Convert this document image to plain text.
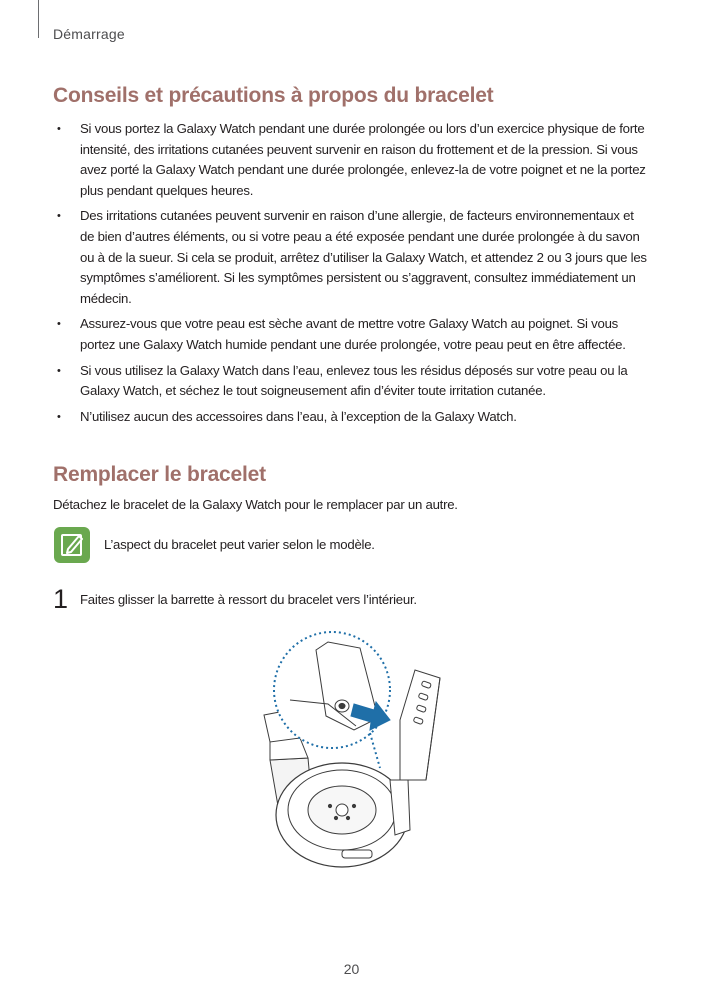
Démarrage
Conseils et précautions à propos du bracelet
• Si vous portez la Galaxy Watch pendant une durée prolongée ou lors d’un exercice physique de forte intensité, des irritations cutanées peuvent survenir en raison du frottement et de la pression. Si vous avez porté la Galaxy Watch pendant une durée prolongée, enlevez-la de votre poignet et ne la portez plus pendant quelques heures.
• Des irritations cutanées peuvent survenir en raison d’une allergie, de facteurs environnementaux et de bien d’autres éléments, ou si votre peau a été exposée pendant une durée prolongée à du savon ou à de la sueur. Si cela se produit, arrêtez d’utiliser la Galaxy Watch, et attendez 2 ou 3 jours que les symptômes s’améliorent. Si les symptômes persistent ou s’aggravent, consultez immédiatement un médecin.
• Assurez-vous que votre peau est sèche avant de mettre votre Galaxy Watch au poignet. Si vous portez une Galaxy Watch humide pendant une durée prolongée, votre peau peut en être affectée.
• Si vous utilisez la Galaxy Watch dans l’eau, enlevez tous les résidus déposés sur votre peau ou la Galaxy Watch, et séchez le tout soigneusement afin d’éviter toute irritation cutanée.
• N’utilisez aucun des accessoires dans l’eau, à l’exception de la Galaxy Watch.
Remplacer le bracelet
Détachez le bracelet de la Galaxy Watch pour le remplacer par un autre.
L’aspect du bracelet peut varier selon le modèle.
1 Faites glisser la barrette à ressort du bracelet vers l’intérieur.
20
